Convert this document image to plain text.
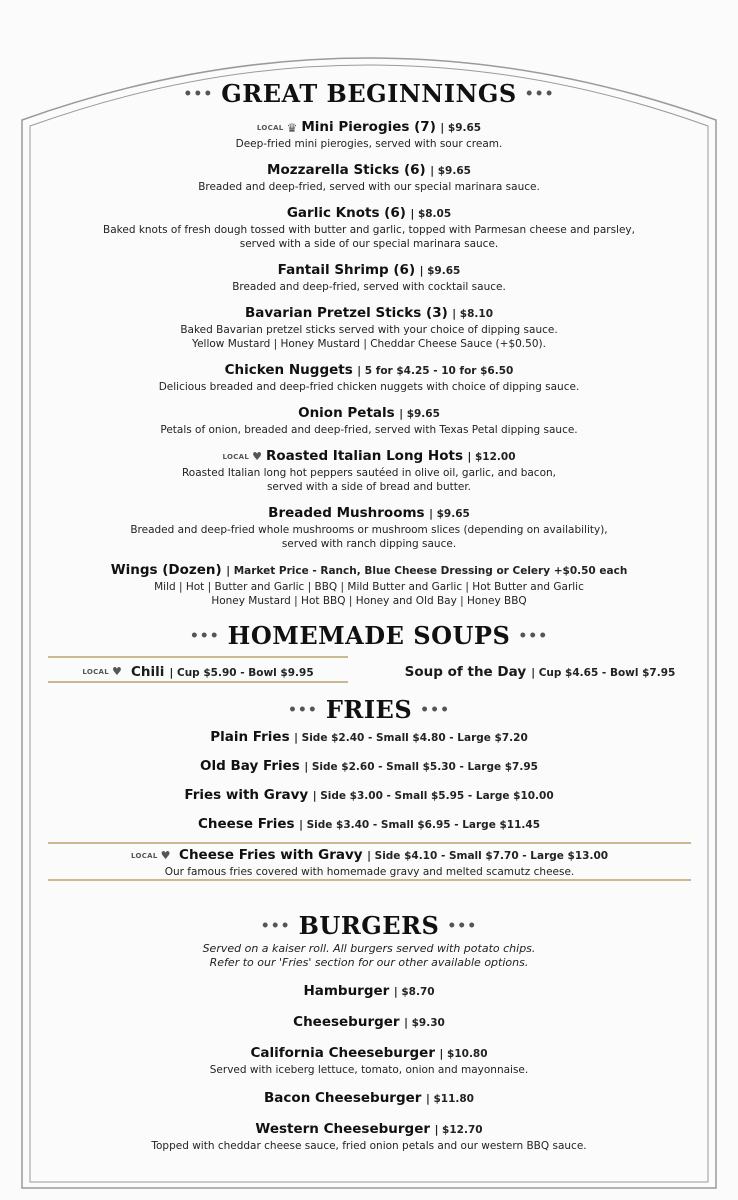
••• GREAT BEGINNINGS •••
LOCAL ♛ Mini Pierogies (7) | $9.65
Deep-fried mini pierogies, served with sour cream.
Mozzarella Sticks (6) | $9.65
Breaded and deep-fried, served with our special marinara sauce.
Garlic Knots (6) | $8.05
Baked knots of fresh dough tossed with butter and garlic, topped with Parmesan cheese and parsley,
served with a side of our special marinara sauce.
Fantail Shrimp (6) | $9.65
Breaded and deep-fried, served with cocktail sauce.
Bavarian Pretzel Sticks (3) | $8.10
Baked Bavarian pretzel sticks served with your choice of dipping sauce.
Yellow Mustard | Honey Mustard | Cheddar Cheese Sauce (+$0.50).
Chicken Nuggets | 5 for $4.25 - 10 for $6.50
Delicious breaded and deep-fried chicken nuggets with choice of dipping sauce.
Onion Petals | $9.65
Petals of onion, breaded and deep-fried, served with Texas Petal dipping sauce.
LOCAL ♥ Roasted Italian Long Hots | $12.00
Roasted Italian long hot peppers sautéed in olive oil, garlic, and bacon,
served with a side of bread and butter.
Breaded Mushrooms | $9.65
Breaded and deep-fried whole mushrooms or mushroom slices (depending on availability),
served with ranch dipping sauce.
Wings (Dozen) | Market Price - Ranch, Blue Cheese Dressing or Celery +$0.50 each
Mild | Hot | Butter and Garlic | BBQ | Mild Butter and Garlic | Hot Butter and Garlic
Honey Mustard | Hot BBQ | Honey and Old Bay | Honey BBQ
••• HOMEMADE SOUPS •••
LOCAL ♥ Chili | Cup $5.90 - Bowl $9.95	Soup of the Day | Cup $4.65 - Bowl $7.95
••• FRIES •••
Plain Fries | Side $2.40 - Small $4.80 - Large $7.20
Old Bay Fries | Side $2.60 - Small $5.30 - Large $7.95
Fries with Gravy | Side $3.00 - Small $5.95 - Large $10.00
Cheese Fries | Side $3.40 - Small $6.95 - Large $11.45
LOCAL ♥ Cheese Fries with Gravy | Side $4.10 - Small $7.70 - Large $13.00
Our famous fries covered with homemade gravy and melted scamutz cheese.
••• BURGERS •••
Served on a kaiser roll. All burgers served with potato chips.
Refer to our 'Fries' section for our other available options.
Hamburger | $8.70
Cheeseburger | $9.30
California Cheeseburger | $10.80
Served with iceberg lettuce, tomato, onion and mayonnaise.
Bacon Cheeseburger | $11.80
Western Cheeseburger | $12.70
Topped with cheddar cheese sauce, fried onion petals and our western BBQ sauce.
